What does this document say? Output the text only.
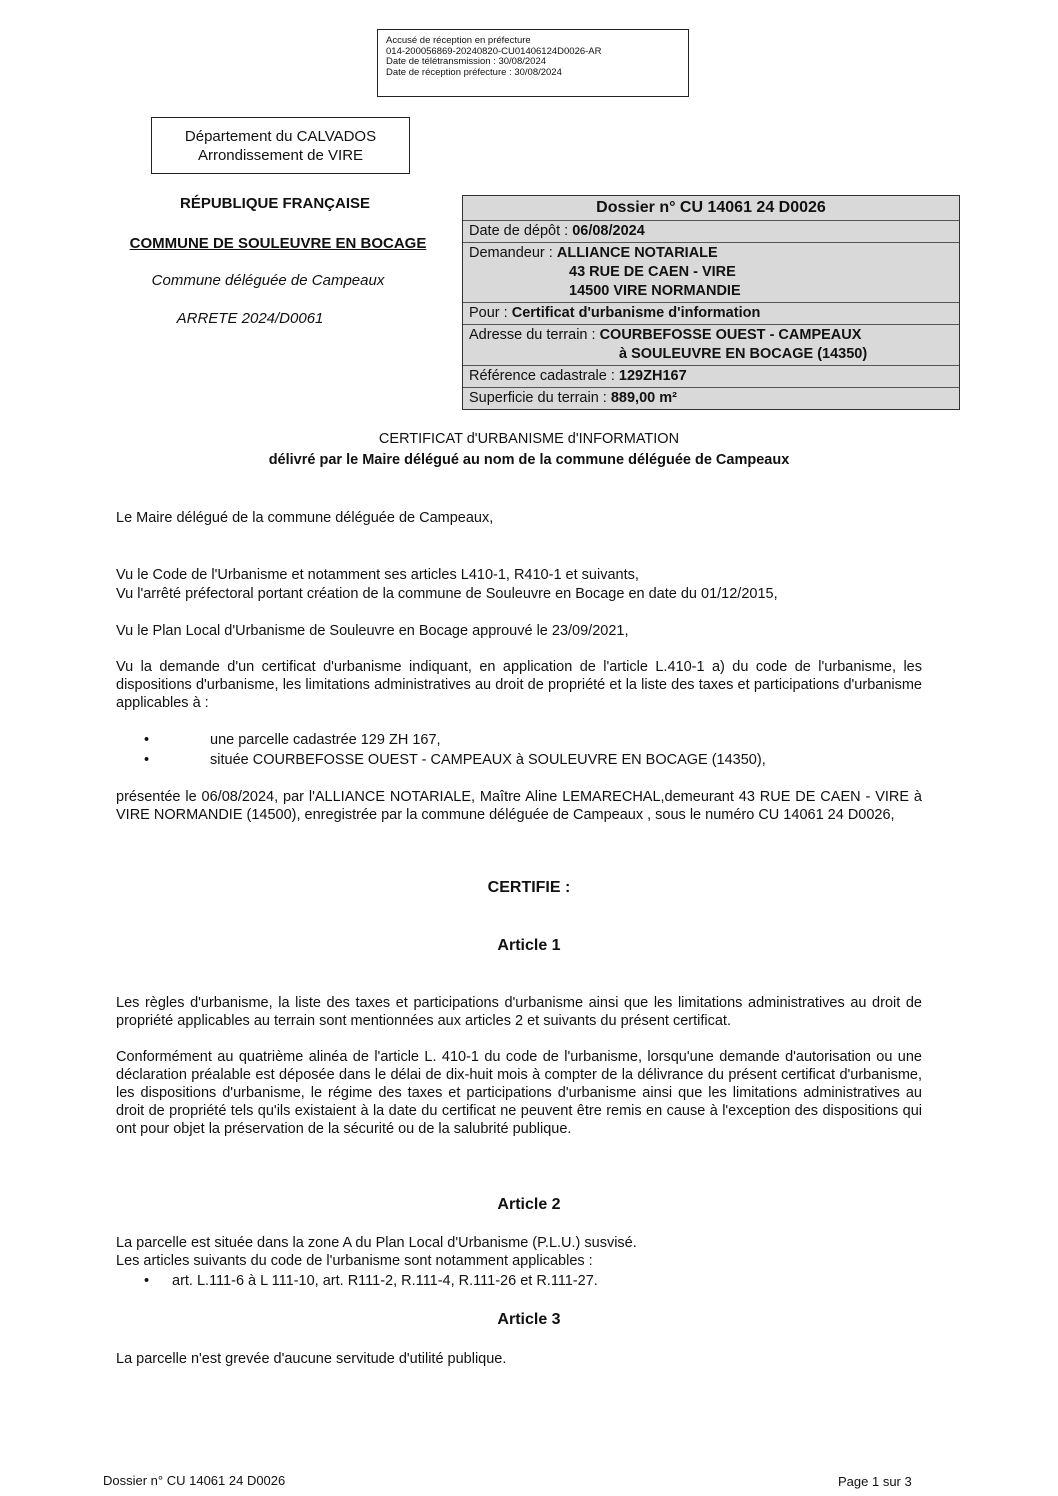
Accusé de réception en préfecture
014-200056869-20240820-CU01406124D0026-AR
Date de télétransmission : 30/08/2024
Date de réception préfecture : 30/08/2024
Département du CALVADOS
Arrondissement de VIRE
RÉPUBLIQUE FRANÇAISE
COMMUNE DE SOULEUVRE EN BOCAGE
Commune déléguée de Campeaux
ARRETE 2024/D0061
Dossier n° CU 14061 24 D0026
Date de dépôt : 06/08/2024
Demandeur : ALLIANCE NOTARIALE
43 RUE DE CAEN - VIRE
14500 VIRE NORMANDIE
Pour : Certificat d'urbanisme d'information
Adresse du terrain : COURBEFOSSE OUEST - CAMPEAUX
à SOULEUVRE EN BOCAGE (14350)
Référence cadastrale : 129ZH167
Superficie du terrain : 889,00 m²
CERTIFICAT d'URBANISME d'INFORMATION
délivré par le Maire délégué au nom de la commune déléguée de Campeaux
Le Maire délégué de la commune déléguée de Campeaux,
Vu le Code de l'Urbanisme et notamment ses articles L410-1, R410-1 et suivants,
Vu l'arrêté préfectoral portant création de la commune de Souleuvre en Bocage en date du 01/12/2015,
Vu le Plan Local d'Urbanisme de Souleuvre en Bocage approuvé le 23/09/2021,
Vu la demande d'un certificat d'urbanisme indiquant, en application de l'article L.410-1 a) du code de l'urbanisme, les dispositions d'urbanisme, les limitations administratives au droit de propriété et la liste des taxes et participations d'urbanisme applicables à :
•	une parcelle cadastrée 129 ZH 167,
•	située COURBEFOSSE OUEST - CAMPEAUX à SOULEUVRE EN BOCAGE (14350),
présentée le 06/08/2024, par l'ALLIANCE NOTARIALE, Maître Aline LEMARECHAL,demeurant 43 RUE DE CAEN - VIRE à VIRE NORMANDIE (14500), enregistrée par la commune déléguée de Campeaux , sous le numéro CU 14061 24 D0026,
CERTIFIE :
Article 1
Les règles d'urbanisme, la liste des taxes et participations d'urbanisme ainsi que les limitations administratives au droit de propriété applicables au terrain sont mentionnées aux articles 2 et suivants du présent certificat.
Conformément au quatrième alinéa de l'article L. 410-1 du code de l'urbanisme, lorsqu'une demande d'autorisation ou une déclaration préalable est déposée dans le délai de dix-huit mois à compter de la délivrance du présent certificat d'urbanisme, les dispositions d'urbanisme, le régime des taxes et participations d'urbanisme ainsi que les limitations administratives au droit de propriété tels qu'ils existaient à la date du certificat ne peuvent être remis en cause à l'exception des dispositions qui ont pour objet la préservation de la sécurité ou de la salubrité publique.
Article 2
La parcelle est située dans la zone A du Plan Local d'Urbanisme (P.L.U.) susvisé.
Les articles suivants du code de l'urbanisme sont notamment applicables :
• art. L.111-6 à L 111-10, art. R111-2, R.111-4, R.111-26 et R.111-27.
Article 3
La parcelle n'est grevée d'aucune servitude d'utilité publique.
Dossier n° CU 14061 24 D0026	Page 1 sur 3
